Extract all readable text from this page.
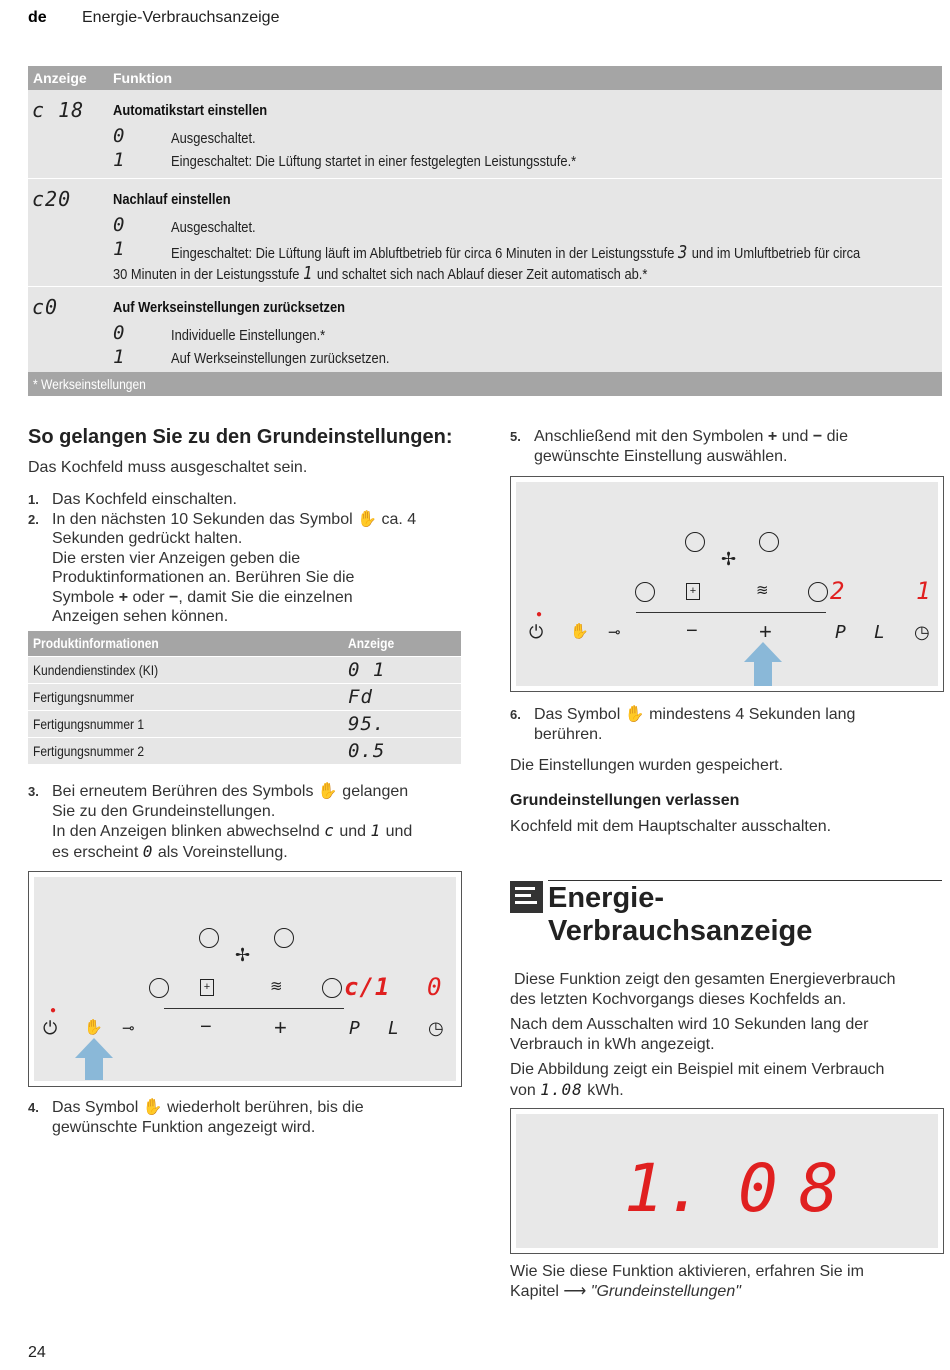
de Energie-Verbrauchsanzeige
Anzeige Funktion
c 18 Automatikstart einstellen
0	Ausgeschaltet.
1	Eingeschaltet: Die Lüftung startet in einer festgelegten Leistungsstufe.*
c20	Nachlauf einstellen
0	Ausgeschaltet.
1	Eingeschaltet: Die Lüftung läuft im Abluftbetrieb für circa 6 Minuten in der Leistungsstufe 3 und im Umluftbetrieb für circa
30 Minuten in der Leistungsstufe 1 und schaltet sich nach Ablauf dieser Zeit automatisch ab.*
c0	Auf Werkseinstellungen zurücksetzen
0	Individuelle Einstellungen.*
1	Auf Werkseinstellungen zurücksetzen.
* Werkseinstellungen
So gelangen Sie zu den Grundeinstellungen:
Das Kochfeld muss ausgeschaltet sein.
1. Das Kochfeld einschalten.
2. In den nächsten 10 Sekunden das Symbol ✋ ca. 4
Sekunden gedrückt halten.
Die ersten vier Anzeigen geben die
Produktinformationen an. Berühren Sie die
Symbole + oder −, damit Sie die einzelnen
Anzeigen sehen können.
Produktinformationen	Anzeige
Kundendienstindex (KI)	0 1
Fertigungsnummer	Fd
Fertigungsnummer 1	95.
Fertigungsnummer 2	0.5
3. Bei erneutem Berühren des Symbols ✋ gelangen
Sie zu den Grundeinstellungen.
In den Anzeigen blinken abwechselnd c und 1 und
es erscheint 0 als Voreinstellung.
✢
+	≋	c/1 0
●
⏻ ✋ ⊸	−	+	P L ◷
4. Das Symbol ✋ wiederholt berühren, bis die
gewünschte Funktion angezeigt wird.
5. Anschließend mit den Symbolen + und − die
gewünschte Einstellung auswählen.
✢
+	≋	2	1
●
⏻ ✋ ⊸	−	+	P L ◷
6. Das Symbol ✋ mindestens 4 Sekunden lang
berühren.
Die Einstellungen wurden gespeichert.
Grundeinstellungen verlassen
Kochfeld mit dem Hauptschalter ausschalten.
Energie-
Verbrauchsanzeige
Diese Funktion zeigt den gesamten Energieverbrauch
des letzten Kochvorgangs dieses Kochfelds an.
Nach dem Ausschalten wird 10 Sekunden lang der
Verbrauch in kWh angezeigt.
Die Abbildung zeigt ein Beispiel mit einem Verbrauch
von 1.08 kWh.
1. 0 8
Wie Sie diese Funktion aktivieren, erfahren Sie im
Kapitel ⟶ "Grundeinstellungen"
24
